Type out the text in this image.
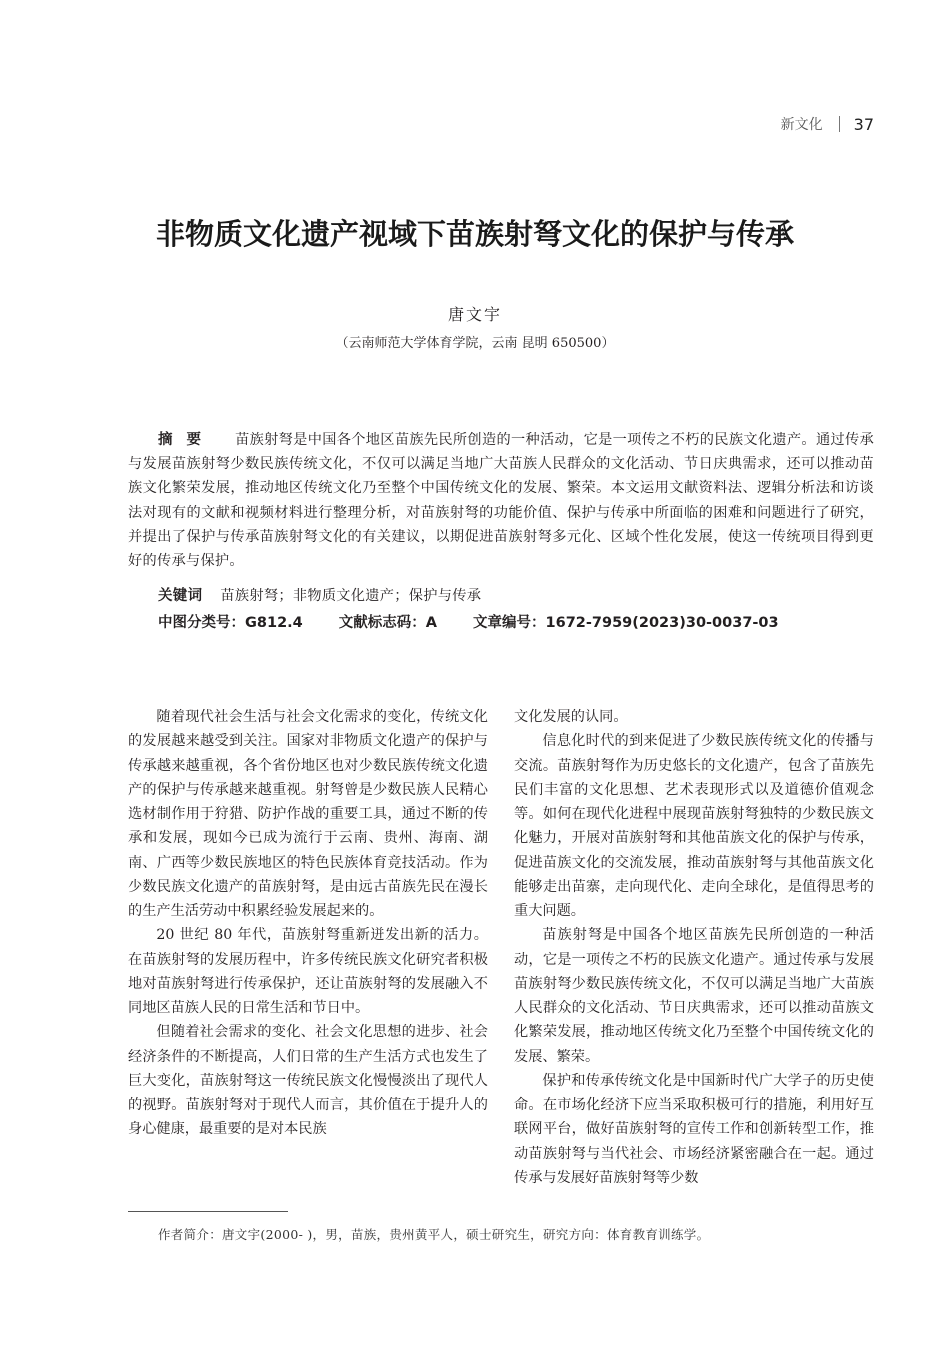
新文化 37
非物质文化遗产视域下苗族射弩文化的保护与传承
唐文宇
（云南师范大学体育学院，云南 昆明 650500）
摘要 苗族射弩是中国各个地区苗族先民所创造的一种活动，它是一项传之不朽的民族文化遗产。通过传承与发展苗族射弩少数民族传统文化，不仅可以满足当地广大苗族人民群众的文化活动、节日庆典需求，还可以推动苗族文化繁荣发展，推动地区传统文化乃至整个中国传统文化的发展、繁荣。本文运用文献资料法、逻辑分析法和访谈法对现有的文献和视频材料进行整理分析，对苗族射弩的功能价值、保护与传承中所面临的困难和问题进行了研究，并提出了保护与传承苗族射弩文化的有关建议，以期促进苗族射弩多元化、区域个性化发展，使这一传统项目得到更好的传承与保护。
关键词 苗族射弩；非物质文化遗产；保护与传承
中图分类号：G812.4 文献标志码：A 文章编号：1672-7959(2023)30-0037-03

随着现代社会生活与社会文化需求的变化，传统文化的发展越来越受到关注。国家对非物质文化遗产的保护与传承越来越重视，各个省份地区也对少数民族传统文化遗产的保护与传承越来越重视。射弩曾是少数民族人民精心选材制作用于狩猎、防护作战的重要工具，通过不断的传承和发展，现如今已成为流行于云南、贵州、海南、湖南、广西等少数民族地区的特色民族体育竞技活动。作为少数民族文化遗产的苗族射弩，是由远古苗族先民在漫长的生产生活劳动中积累经验发展起来的。

20 世纪 80 年代，苗族射弩重新迸发出新的活力。在苗族射弩的发展历程中，许多传统民族文化研究者积极地对苗族射弩进行传承保护，还让苗族射弩的发展融入不同地区苗族人民的日常生活和节日中。

但随着社会需求的变化、社会文化思想的进步、社会经济条件的不断提高，人们日常的生产生活方式也发生了巨大变化，苗族射弩这一传统民族文化慢慢淡出了现代人的视野。苗族射弩对于现代人而言，其价值在于提升人的身心健康，最重要的是对本民族

文化发展的认同。

信息化时代的到来促进了少数民族传统文化的传播与交流。苗族射弩作为历史悠长的文化遗产，包含了苗族先民们丰富的文化思想、艺术表现形式以及道德价值观念等。如何在现代化进程中展现苗族射弩独特的少数民族文化魅力，开展对苗族射弩和其他苗族文化的保护与传承，促进苗族文化的交流发展，推动苗族射弩与其他苗族文化能够走出苗寨，走向现代化、走向全球化，是值得思考的重大问题。

苗族射弩是中国各个地区苗族先民所创造的一种活动，它是一项传之不朽的民族文化遗产。通过传承与发展苗族射弩少数民族传统文化，不仅可以满足当地广大苗族人民群众的文化活动、节日庆典需求，还可以推动苗族文化繁荣发展，推动地区传统文化乃至整个中国传统文化的发展、繁荣。

保护和传承传统文化是中国新时代广大学子的历史使命。在市场化经济下应当采取积极可行的措施，利用好互联网平台，做好苗族射弩的宣传工作和创新转型工作，推动苗族射弩与当代社会、市场经济紧密融合在一起。通过传承与发展好苗族射弩等少数

作者简介：唐文宇(2000- )，男，苗族，贵州黄平人，硕士研究生，研究方向：体育教育训练学。
